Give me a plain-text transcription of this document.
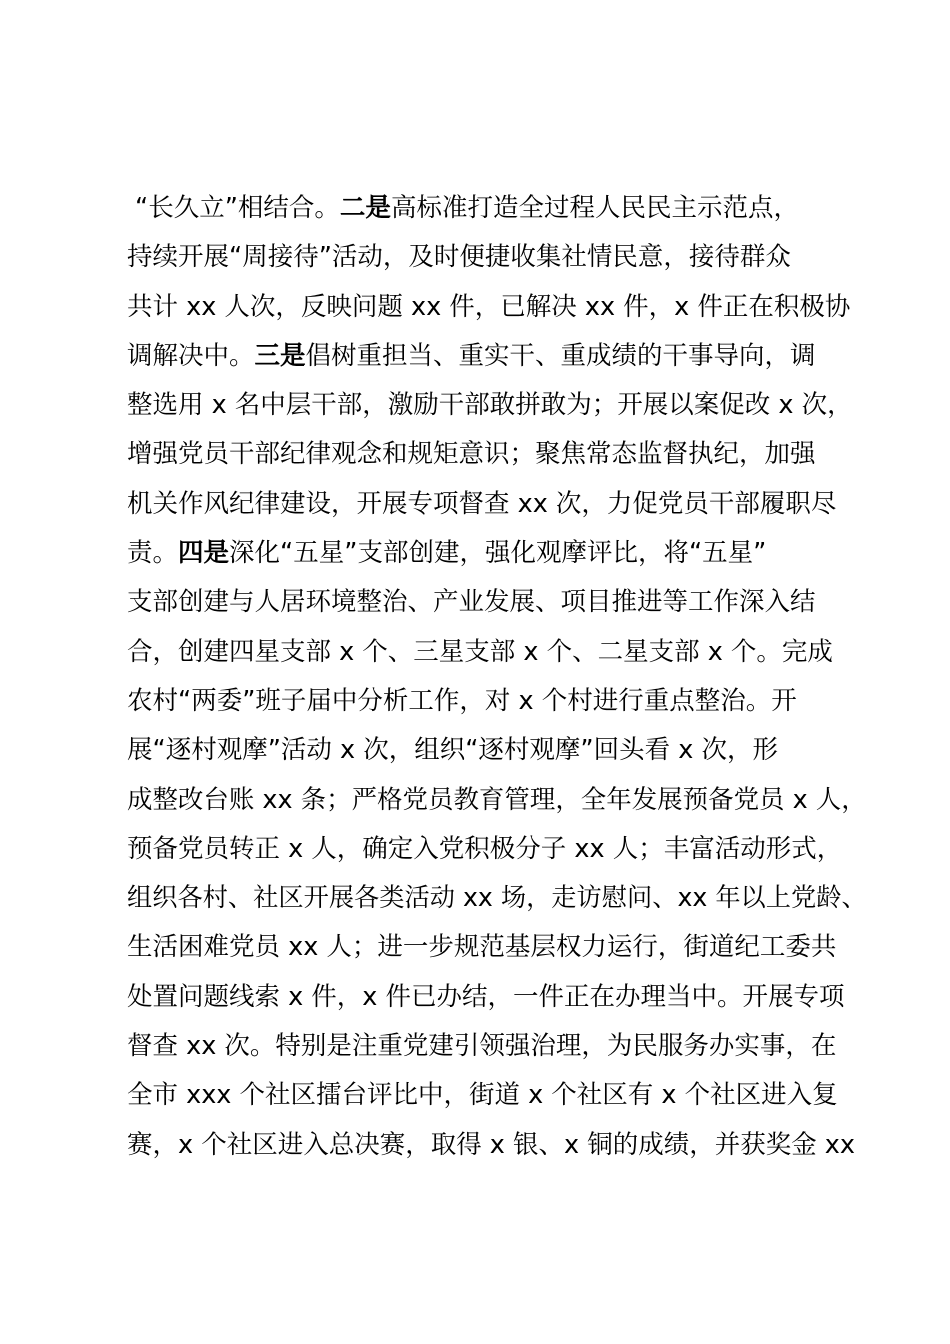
“长久立”相结合。二是高标准打造全过程人民民主示范点，
持续开展“周接待”活动，及时便捷收集社情民意，接待群众
共计 xx 人次，反映问题 xx 件，已解决 xx 件，x 件正在积极协
调解决中。三是倡树重担当、重实干、重成绩的干事导向，调
整选用 x 名中层干部，激励干部敢拼敢为；开展以案促改 x 次，
增强党员干部纪律观念和规矩意识；聚焦常态监督执纪，加强
机关作风纪律建设，开展专项督查 xx 次，力促党员干部履职尽
责。四是深化“五星”支部创建，强化观摩评比，将“五星”
支部创建与人居环境整治、产业发展、项目推进等工作深入结
合，创建四星支部 x 个、三星支部 x 个、二星支部 x 个。完成
农村“两委”班子届中分析工作，对 x 个村进行重点整治。开
展“逐村观摩”活动 x 次，组织“逐村观摩”回头看 x 次，形
成整改台账 xx 条；严格党员教育管理，全年发展预备党员 x 人，
预备党员转正 x 人，确定入党积极分子 xx 人；丰富活动形式，
组织各村、社区开展各类活动 xx 场，走访慰问、xx 年以上党龄、
生活困难党员 xx 人；进一步规范基层权力运行，街道纪工委共
处置问题线索 x 件，x 件已办结，一件正在办理当中。开展专项
督查 xx 次。特别是注重党建引领强治理，为民服务办实事，在
全市 xxx 个社区擂台评比中，街道 x 个社区有 x 个社区进入复
赛，x 个社区进入总决赛，取得 x 银、x 铜的成绩，并获奖金 xx
